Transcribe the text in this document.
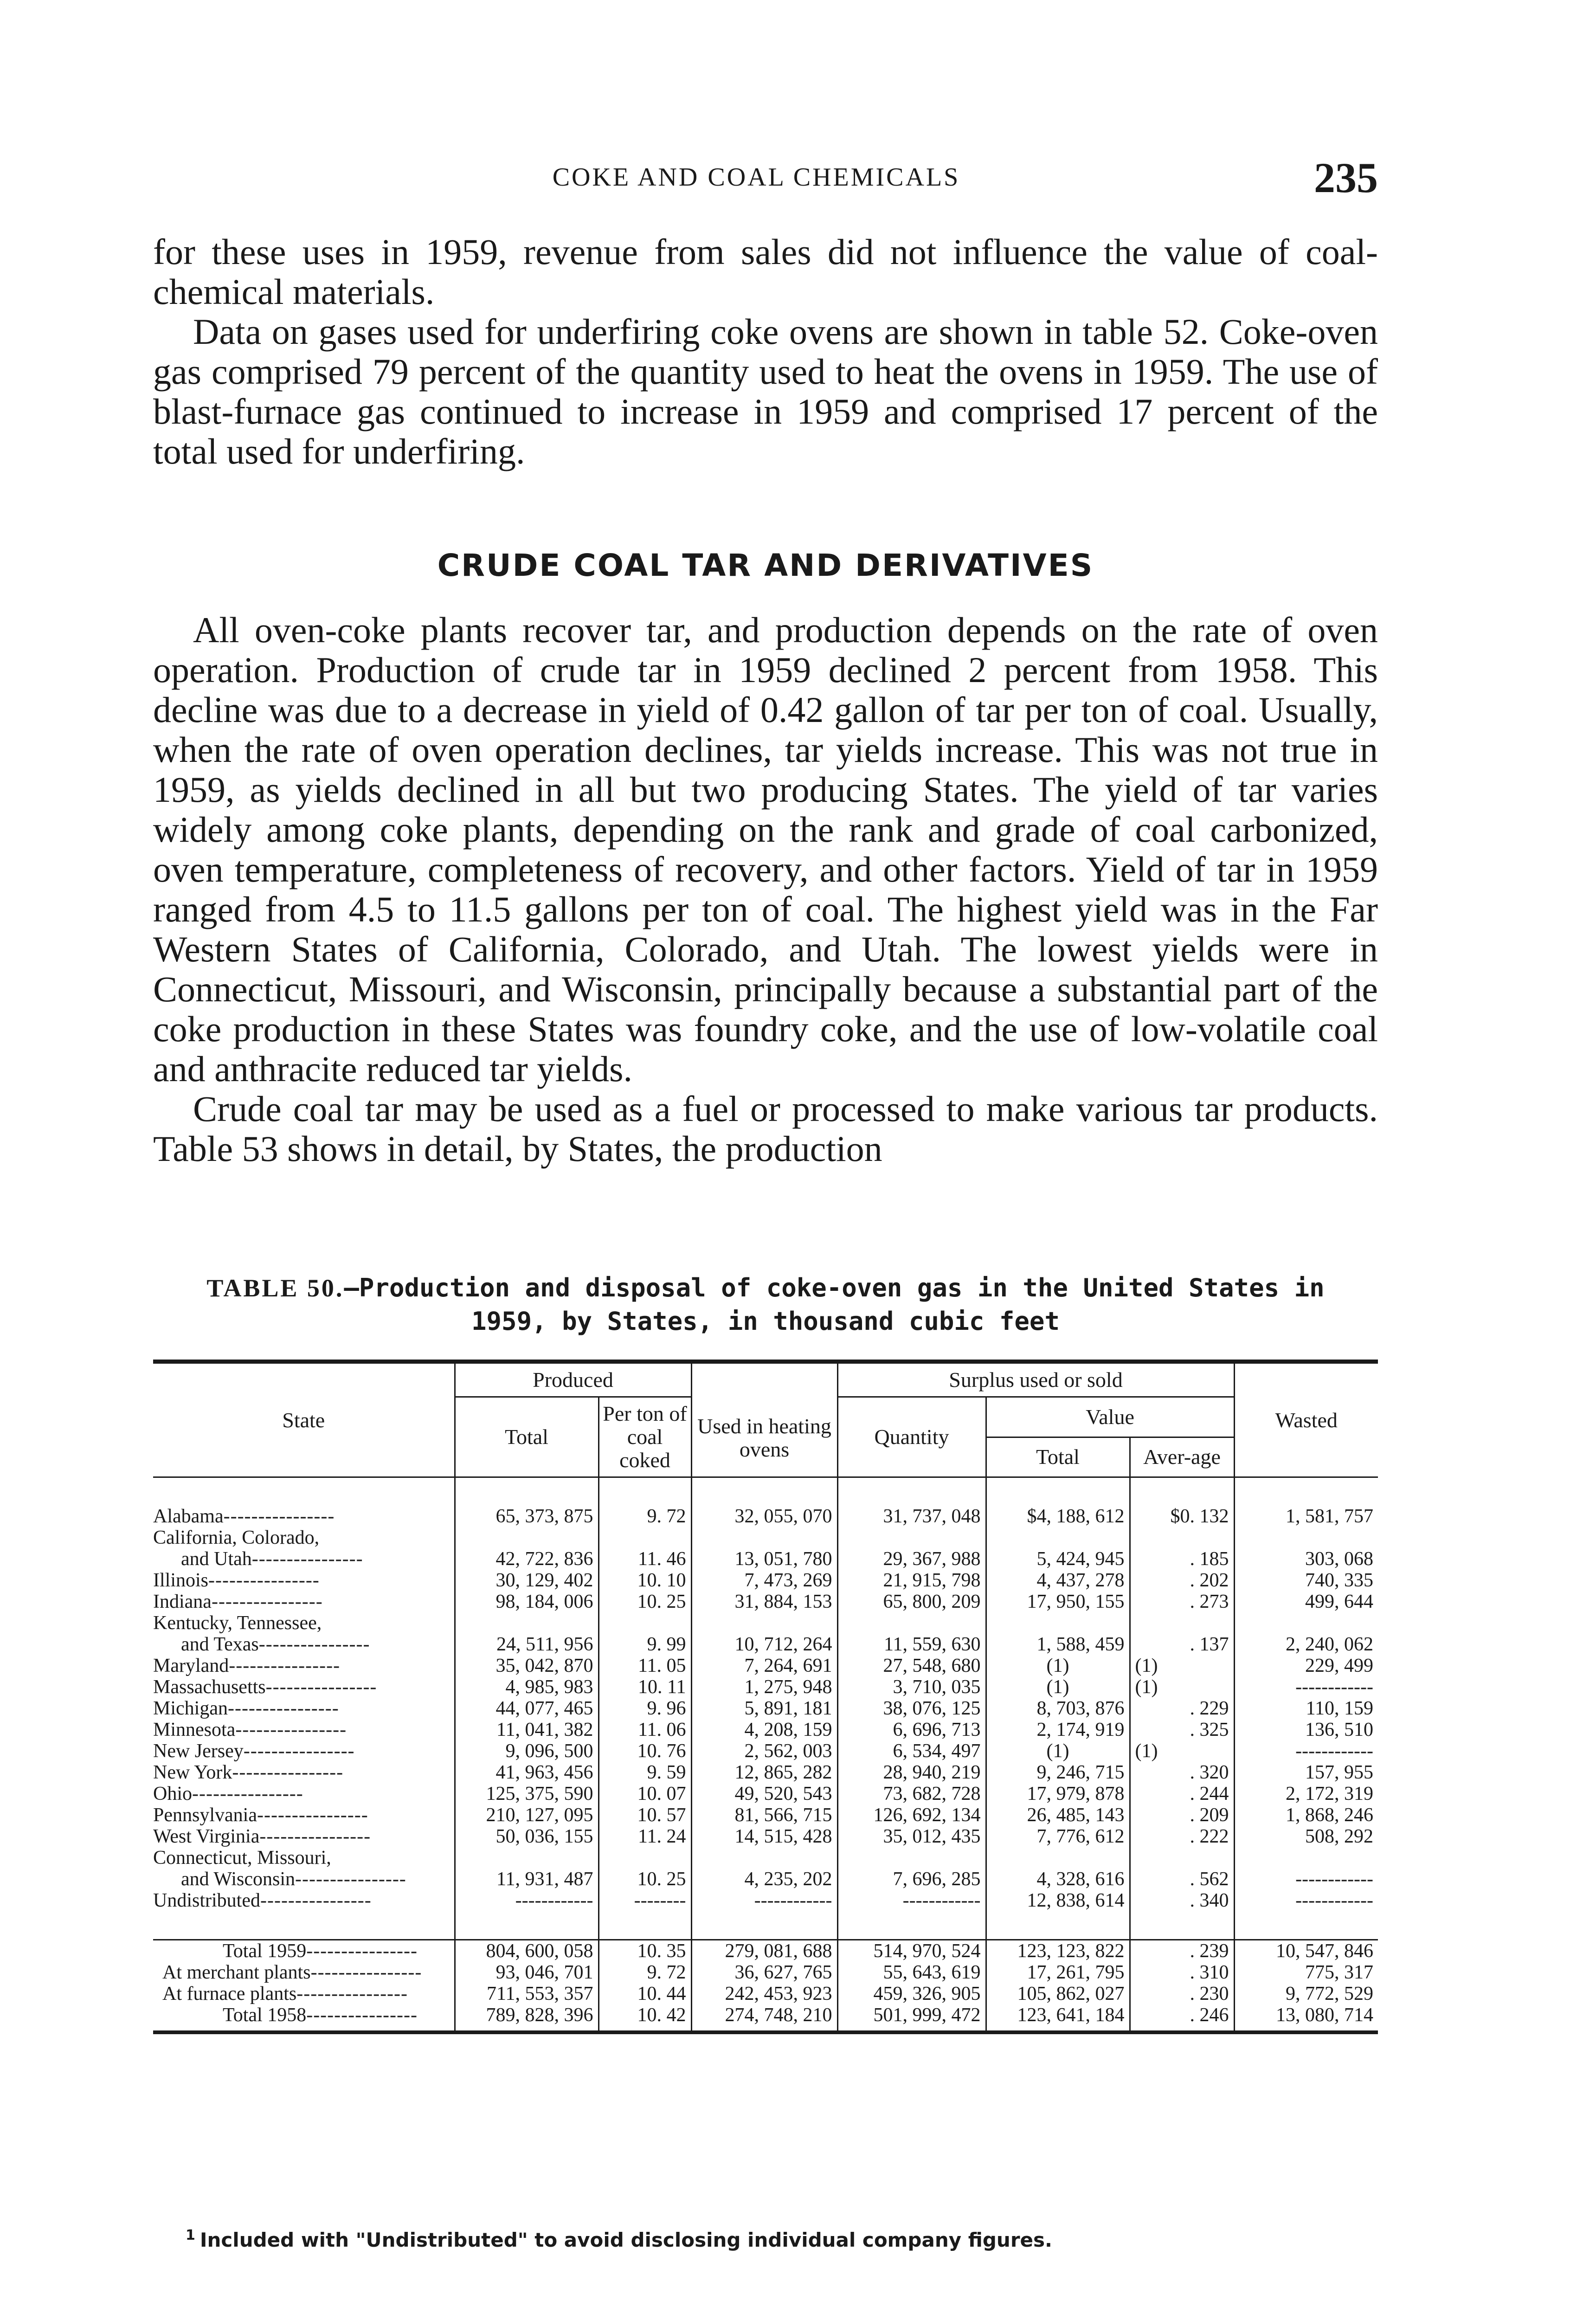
COKE AND COAL CHEMICALS	235

for these uses in 1959, revenue from sales did not influence the value of coal-chemical materials.

Data on gases used for underfiring coke ovens are shown in table 52. Coke-oven gas comprised 79 percent of the quantity used to heat the ovens in 1959. The use of blast-furnace gas continued to increase in 1959 and comprised 17 percent of the total used for underfiring.

CRUDE COAL TAR AND DERIVATIVES

All oven-coke plants recover tar, and production depends on the rate of oven operation. Production of crude tar in 1959 declined 2 percent from 1958. This decline was due to a decrease in yield of 0.42 gallon of tar per ton of coal. Usually, when the rate of oven operation declines, tar yields increase. This was not true in 1959, as yields declined in all but two producing States. The yield of tar varies widely among coke plants, depending on the rank and grade of coal carbonized, oven temperature, completeness of recovery, and other factors. Yield of tar in 1959 ranged from 4.5 to 11.5 gallons per ton of coal. The highest yield was in the Far Western States of California, Colorado, and Utah. The lowest yields were in Connecticut, Missouri, and Wisconsin, principally because a substantial part of the coke production in these States was foundry coke, and the use of low-volatile coal and anthracite reduced tar yields.

Crude coal tar may be used as a fuel or processed to make various tar products. Table 53 shows in detail, by States, the production

TABLE 50.—Production and disposal of coke-oven gas in the United States in
1959, by States, in thousand cubic feet
State	Produced		Used in heating ovens	Surplus used or sold			Wasted
	Total	Per ton of coal coked		Quantity	Value		
					Total	Aver-age	

Alabama----------------	65, 373, 875	9. 72	32, 055, 070	31, 737, 048	$4, 188, 612	$0. 132	1, 581, 757
California, Colorado,							
and Utah----------------	42, 722, 836	11. 46	13, 051, 780	29, 367, 988	5, 424, 945	. 185	303, 068
Illinois----------------	30, 129, 402	10. 10	7, 473, 269	21, 915, 798	4, 437, 278	. 202	740, 335
Indiana----------------	98, 184, 006	10. 25	31, 884, 153	65, 800, 209	17, 950, 155	. 273	499, 644
Kentucky, Tennessee,							
and Texas----------------	24, 511, 956	9. 99	10, 712, 264	11, 559, 630	1, 588, 459	. 137	2, 240, 062
Maryland----------------	35, 042, 870	11. 05	7, 264, 691	27, 548, 680	(1)	(1)	229, 499
Massachusetts----------------	4, 985, 983	10. 11	1, 275, 948	3, 710, 035	(1)	(1)	------------
Michigan----------------	44, 077, 465	9. 96	5, 891, 181	38, 076, 125	8, 703, 876	. 229	110, 159
Minnesota----------------	11, 041, 382	11. 06	4, 208, 159	6, 696, 713	2, 174, 919	. 325	136, 510
New Jersey----------------	9, 096, 500	10. 76	2, 562, 003	6, 534, 497	(1)	(1)	------------
New York----------------	41, 963, 456	9. 59	12, 865, 282	28, 940, 219	9, 246, 715	. 320	157, 955
Ohio----------------	125, 375, 590	10. 07	49, 520, 543	73, 682, 728	17, 979, 878	. 244	2, 172, 319
Pennsylvania----------------	210, 127, 095	10. 57	81, 566, 715	126, 692, 134	26, 485, 143	. 209	1, 868, 246
West Virginia----------------	50, 036, 155	11. 24	14, 515, 428	35, 012, 435	7, 776, 612	. 222	508, 292
Connecticut, Missouri,							
and Wisconsin----------------	11, 931, 487	10. 25	4, 235, 202	7, 696, 285	4, 328, 616	. 562	------------
Undistributed----------------	------------	--------	------------	------------	12, 838, 614	. 340	------------

Total 1959----------------	804, 600, 058	10. 35	279, 081, 688	514, 970, 524	123, 123, 822	. 239	10, 547, 846
At merchant plants----------------	93, 046, 701	9. 72	36, 627, 765	55, 643, 619	17, 261, 795	. 310	775, 317
At furnace plants----------------	711, 553, 357	10. 44	242, 453, 923	459, 326, 905	105, 862, 027	. 230	9, 772, 529
Total 1958----------------	789, 828, 396	10. 42	274, 748, 210	501, 999, 472	123, 641, 184	. 246	13, 080, 714
$^1$ Included with "Undistributed" to avoid disclosing individual company figures.
